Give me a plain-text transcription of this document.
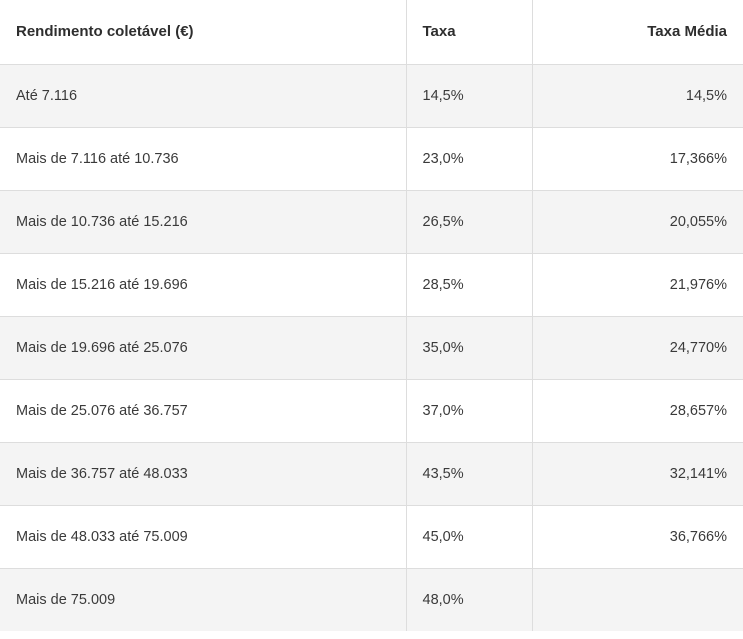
Rendimento coletável (€)	Taxa	Taxa Média
Até 7.116	14,5%	14,5%
Mais de 7.116 até 10.736	23,0%	17,366%
Mais de 10.736 até 15.216	26,5%	20,055%
Mais de 15.216 até 19.696	28,5%	21,976%
Mais de 19.696 até 25.076	35,0%	24,770%
Mais de 25.076 até 36.757	37,0%	28,657%
Mais de 36.757 até 48.033	43,5%	32,141%
Mais de 48.033 até 75.009	45,0%	36,766%
Mais de 75.009	48,0%	
